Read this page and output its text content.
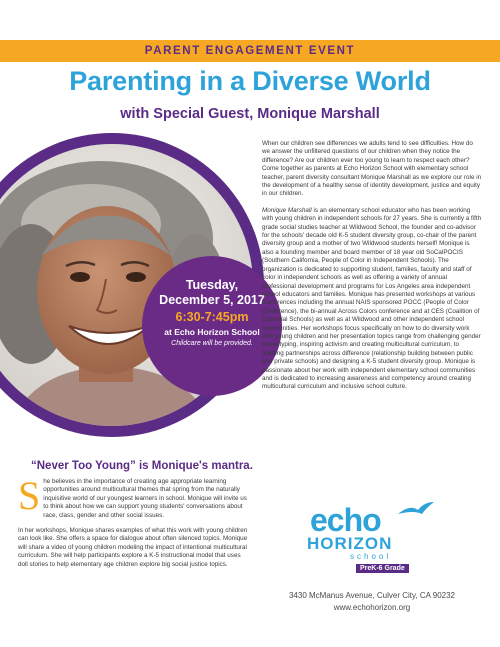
PARENT ENGAGEMENT EVENT
Parenting in a Diverse World
with Special Guest, Monique Marshall
Tuesday,
December 5, 2017
6:30-7:45pm
at Echo Horizon School
Childcare will be provided.

When our children see differences we adults tend to see difficulties. How do we answer the unfiltered questions of our children when they notice the difference? Are our children ever too young to learn to respect each other? Come together as parents at Echo Horizon School with elementary school teacher, parent diversity consultant Monique Marshall as we explore our role in the development of a healthy sense of identity development, justice and equity in our children.

Monique Marshall is an elementary school educator who has been working with young children in independent schools for 27 years. She is currently a fifth grade social studies teacher at Wildwood School, the founder and co-advisor for the schools' decade old K-5 student diversity group, co-chair of the parent diversity group and a mother of two Wildwood students herself! Monique is also a founding member and board member of 18 year old SoCalPOCIS (Southern California, People of Color in Independent Schools). The organization is dedicated to supporting student, families, faculty and staff of color in independent schools as well as offering a variety of annual professional development and programs for Los Angeles area independent school educators and families. Monique has presented workshops at various conferences including the annual NAIS sponsored POCC (People of Color Conference), the bi-annual Across Colors conference and at CES (Coalition of Essential Schools) as well as at Wildwood and other independent school communities. Her workshops focus specifically on how to do diversity work with young children and her presentation topics range from challenging gender stereotyping, inspiring activism and creating multicultural curriculum, to building partnerships across difference (relationship building between public and private schools) and designing a K-5 student diversity group. Monique is passionate about her work with independent elementary school communities and is dedicated to increasing awareness and competency around creating multicultural curriculum and inclusive school culture.

“Never Too Young” is Monique's mantra.

She believes in the importance of creating age appropriate learning opportunities around multicultural themes that spring from the naturally inquisitive world of our youngest learners in school. Monique will invite us to think about how we can support young students' conversations about race, class, gender and other social issues.

In her workshops, Monique shares examples of what this work with young children can look like. She offers a space for dialogue about often silenced topics. Monique will share a video of young children modeling the impact of intentional multicultural curriculum. She will help participants explore a K-5 instructional model that uses doll stories to help elementary age children explore big social justice topics.

echo
HORIZON
school
PreK-6 Grade
3430 McManus Avenue, Culver City, CA 90232
www.echohorizon.org
